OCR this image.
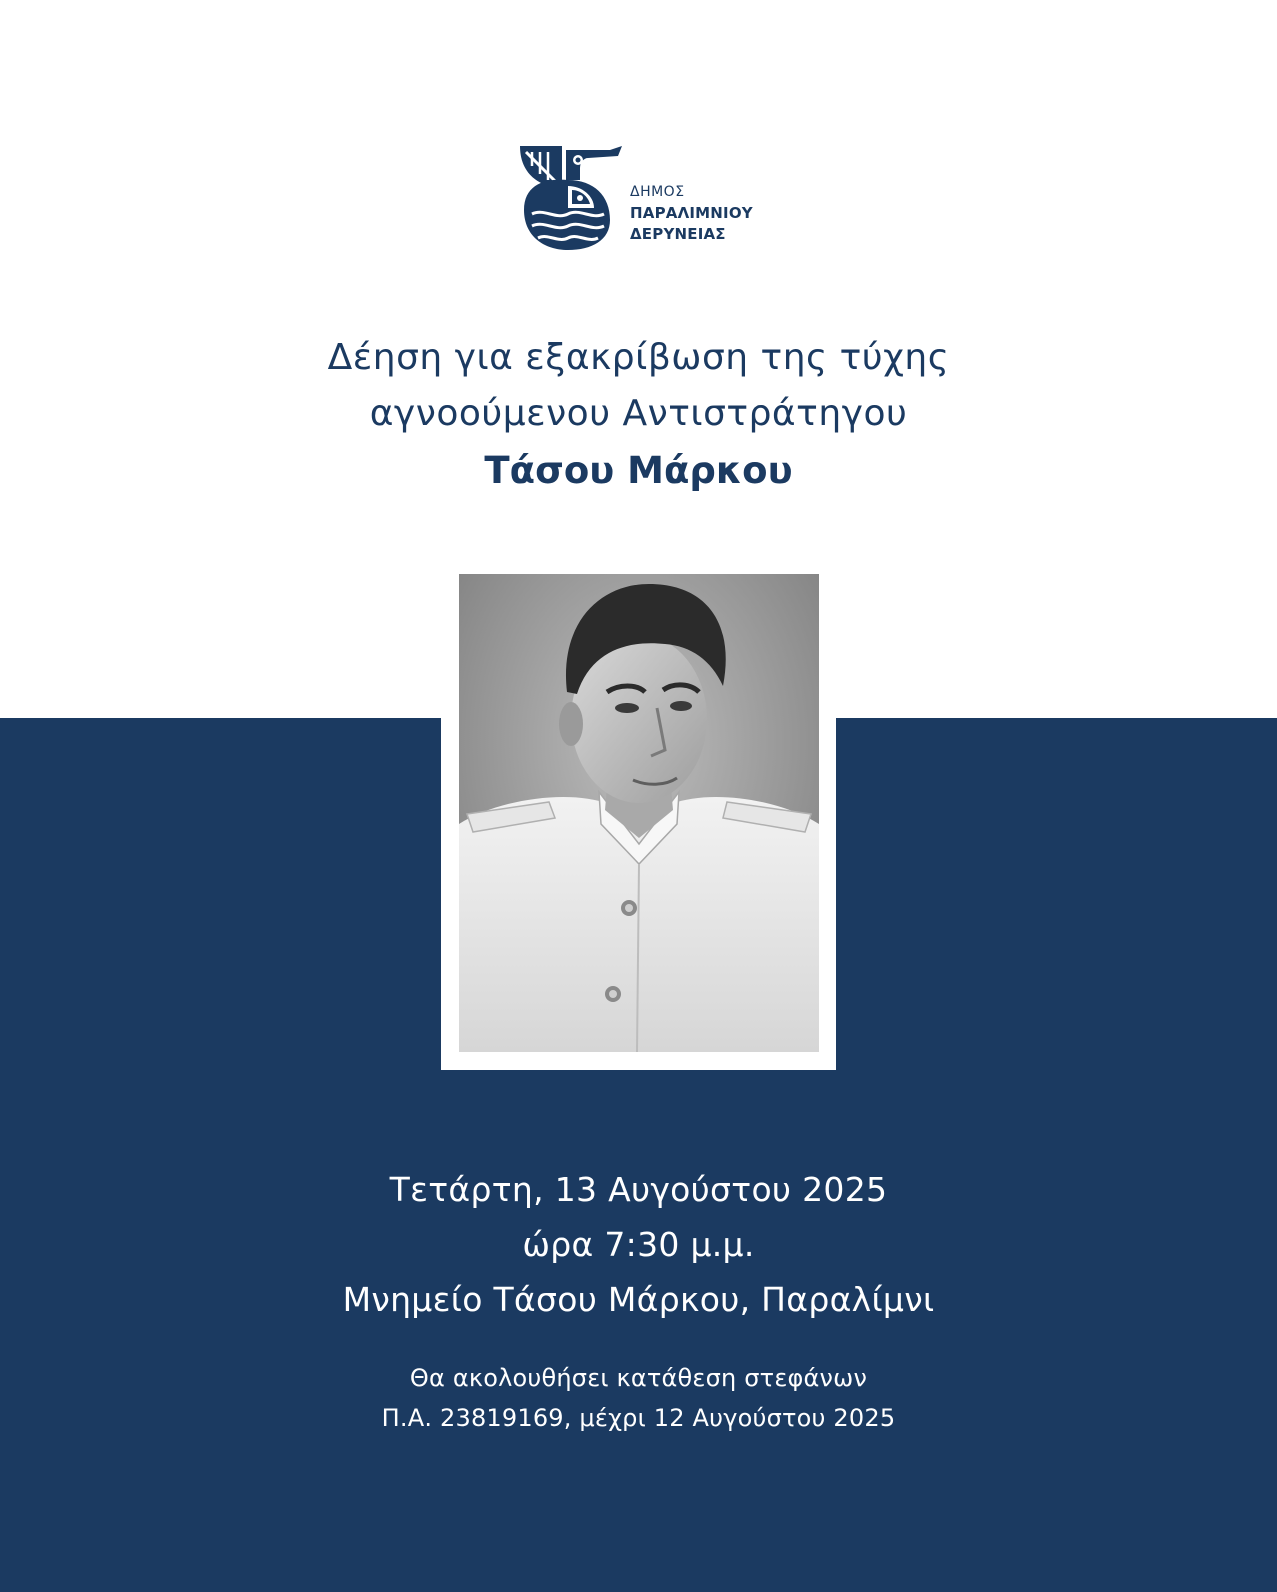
ΔΗΜΟΣ
ΠΑΡΑΛΙΜΝΙΟΥ
ΔΕΡΥΝΕΙΑΣ
Δέηση για εξακρίβωση της τύχης
αγνοούμενου Αντιστράτηγου
Τάσου Μάρκου
Τετάρτη, 13 Αυγούστου 2025
ώρα 7:30 μ.μ.
Μνημείο Τάσου Μάρκου, Παραλίμνι
Θα ακολουθήσει κατάθεση στεφάνων
Π.Α. 23819169, μέχρι 12 Αυγούστου 2025
